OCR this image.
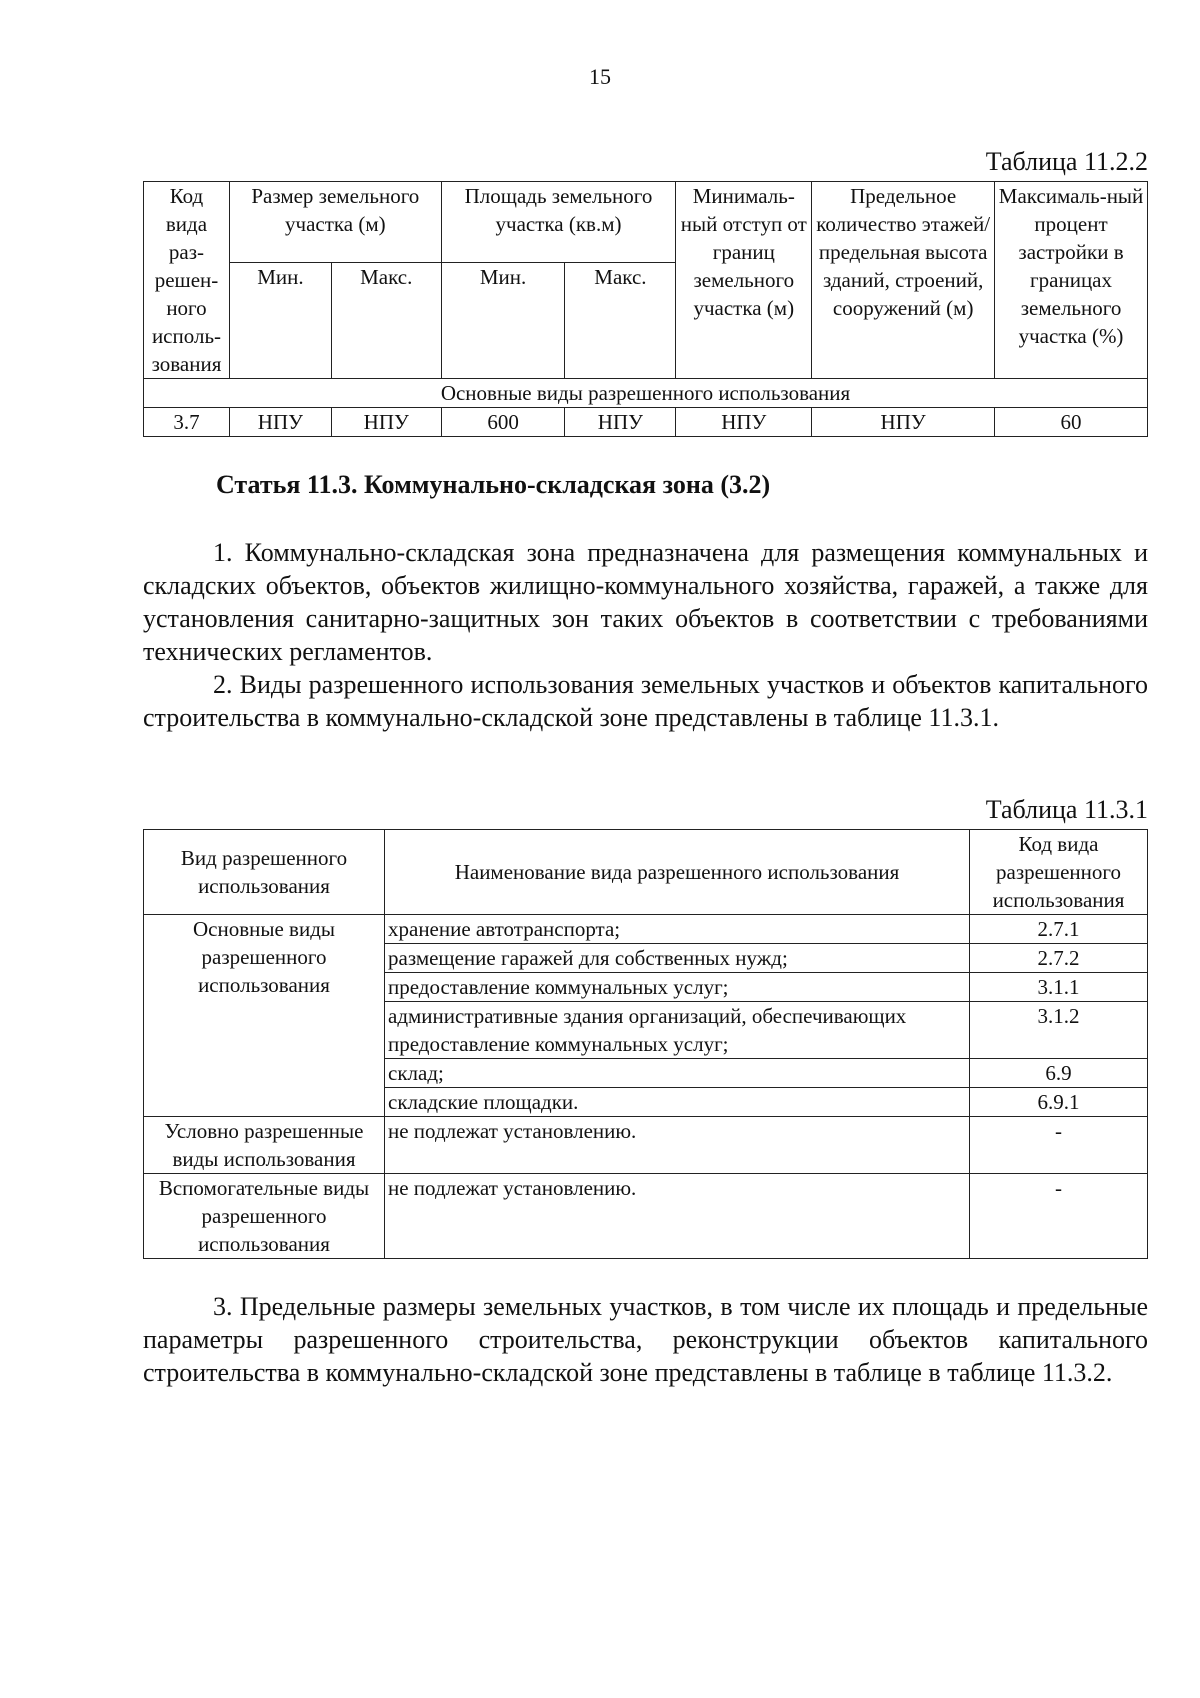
15
Таблица 11.2.2
Код вида раз-решен-ного исполь-зования	Размер земельного участка (м)		Площадь земельного участка (кв.м)		Минималь-ный отступ от границ земельного участка (м)	Предельное количество этажей/ предельная высота зданий, строений, сооружений (м)	Максималь-ный процент застройки в границах земельного участка (%)
	Мин.	Макс.	Мин.	Макс.			
Основные виды разрешенного использования							
3.7	НПУ	НПУ	600	НПУ	НПУ	НПУ	60
Статья 11.3. Коммунально-складская зона (3.2)

1. Коммунально-складская зона предназначена для размещения коммунальных и складских объектов, объектов жилищно-коммунального хозяйства, гаражей, а также для установления санитарно-защитных зон таких объектов в соответствии с требованиями технических регламентов.

2. Виды разрешенного использования земельных участков и объектов капитального строительства в коммунально-складской зоне представлены в таблице 11.3.1.

Таблица 11.3.1
Вид разрешенного использования	Наименование вида разрешенного использования	Код вида разрешенного использования
Основные виды разрешенного использования	хранение автотранспорта;	2.7.1
	размещение гаражей для собственных нужд;	2.7.2
	предоставление коммунальных услуг;	3.1.1
	административные здания организаций, обеспечивающих предоставление коммунальных услуг;	3.1.2
	склад;	6.9
	складские площадки.	6.9.1
Условно разрешенные виды использования	не подлежат установлению.	-
Вспомогательные виды разрешенного использования	не подлежат установлению.	-

3. Предельные размеры земельных участков, в том числе их площадь и предельные параметры разрешенного строительства, реконструкции объектов капитального строительства в коммунально-складской зоне представлены в таблице в таблице 11.3.2.
